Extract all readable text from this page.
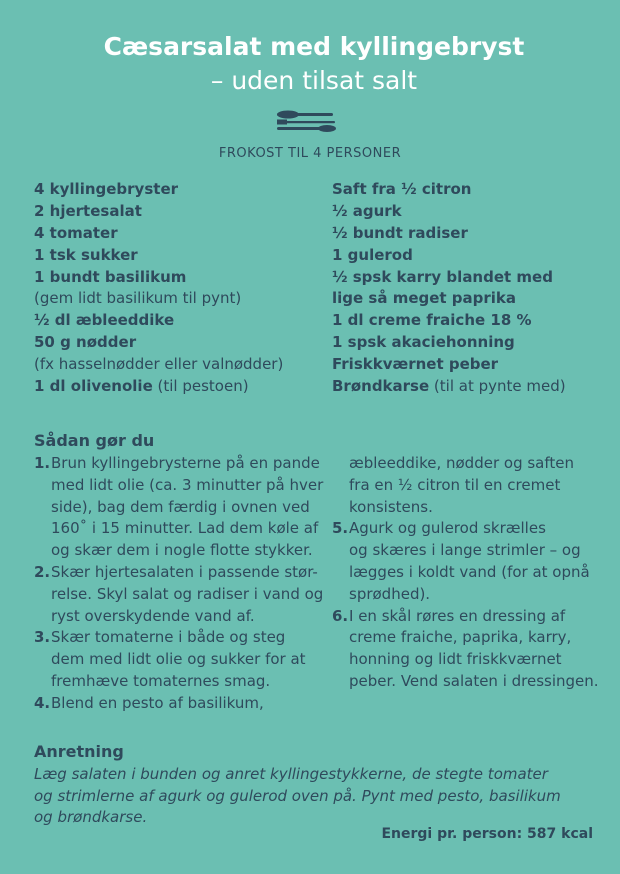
Cæsarsalat med kyllingebryst
– uden tilsat salt
FROKOST TIL 4 PERSONER
4 kyllingebryster
2 hjertesalat
4 tomater
1 tsk sukker
1 bundt basilikum
(gem lidt basilikum til pynt)
½ dl æbleeddike
50 g nødder
(fx hasselnødder eller valnødder)
1 dl olivenolie (til pestoen)
Saft fra ½ citron
½ agurk
½ bundt radiser
1 gulerod
½ spsk karry blandet med
lige så meget paprika
1 dl creme fraiche 18 %
1 spsk akaciehonning
Friskkværnet peber
Brøndkarse (til at pynte med)
Sådan gør du
1. Brun kyllingebrysterne på en pande
med lidt olie (ca. 3 minutter på hver
side), bag dem færdig i ovnen ved
160˚ i 15 minutter. Lad dem køle af
og skær dem i nogle flotte stykker.
2. Skær hjertesalaten i passende stør-
relse. Skyl salat og radiser i vand og
ryst overskydende vand af.
3. Skær tomaterne i både og steg
dem med lidt olie og sukker for at
fremhæve tomaternes smag.
4. Blend en pesto af basilikum,
æbleeddike, nødder og saften
fra en ½ citron til en cremet
konsistens.
5. Agurk og gulerod skrælles
og skæres i lange strimler – og
lægges i koldt vand (for at opnå
sprødhed).
6. I en skål røres en dressing af
creme fraiche, paprika, karry,
honning og lidt friskkværnet
peber. Vend salaten i dressingen.
Anretning
Læg salaten i bunden og anret kyllingestykkerne, de stegte tomater
og strimlerne af agurk og gulerod oven på. Pynt med pesto, basilikum
og brøndkarse.
Energi pr. person: 587 kcal
